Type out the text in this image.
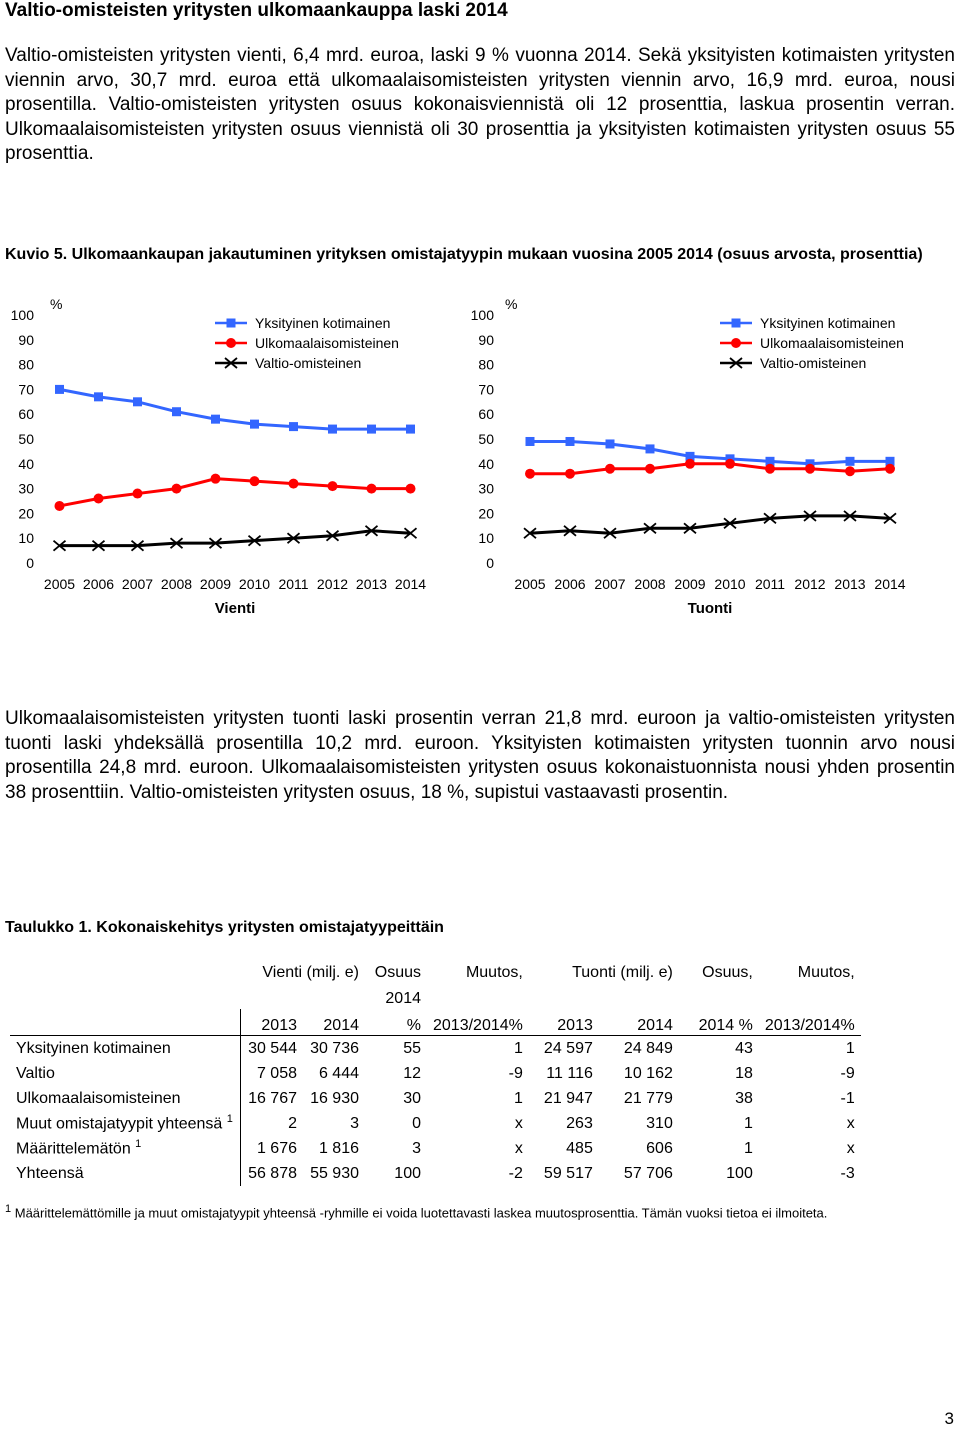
Valtio-omisteisten yritysten ulkomaankauppa laski 2014
Valtio-omisteisten yritysten vienti, 6,4 mrd. euroa, laski 9 % vuonna 2014. Sekä yksityisten kotimaisten yritysten viennin arvo, 30,7 mrd. euroa että ulkomaalaisomisteisten yritysten viennin arvo, 16,9 mrd. euroa, nousi prosentilla. Valtio-omisteisten yritysten osuus kokonaisviennistä oli 12 prosenttia, laskua prosentin verran. Ulkomaalaisomisteisten yritysten osuus viennistä oli 30 prosenttia ja yksityisten kotimaisten yritysten osuus 55 prosenttia.
Kuvio 5. Ulkomaankaupan jakautuminen yrityksen omistajatyypin mukaan vuosina 2005 2014 (osuus arvosta, prosenttia)
0
10
20
30
40
50
60
70
80
90
100
%
2005 2006 2007 2008 2009 2010 2011 2012 2013 2014
Vienti
Yksityinen kotimainen
Ulkomaalaisomisteinen
Valtio-omisteinen
0
10
20
30
40
50
60
70
80
90
100
%
2005 2006 2007 2008 2009 2010 2011 2012 2013 2014
Tuonti
Yksityinen kotimainen
Ulkomaalaisomisteinen
Valtio-omisteinen
Ulkomaalaisomisteisten yritysten tuonti laski prosentin verran 21,8 mrd. euroon ja valtio-omisteisten yritysten tuonti laski yhdeksällä prosentilla 10,2 mrd. euroon. Yksityisten kotimaisten yritysten tuonnin arvo nousi prosentilla 24,8 mrd. euroon. Ulkomaalaisomisteisten yritysten osuus kokonaistuonnista nousi yhden prosentin 38 prosenttiin. Valtio-omisteisten yritysten osuus, 18 %, supistui vastaavasti prosentin.
Taulukko 1. Kokonaiskehitys yritysten omistajatyypeittäin
	Vienti (milj. e)		Osuus	Muutos,	Tuonti (milj. e)		Osuus,	Muutos,
			2014					
	2013	2014	%	2013/2014%	2013	2014	2014 %	2013/2014%
Yksityinen kotimainen	30 544	30 736	55	1	24 597	24 849	43	1
Valtio	7 058	6 444	12	-9	11 116	10 162	18	-9
Ulkomaalaisomisteinen	16 767	16 930	30	1	21 947	21 779	38	-1
Muut omistajatyypit yhteensä $^1$	2	3	0	x	263	310	1	x
Määrittelemätön $^1$	1 676	1 816	3	x	485	606	1	x
Yhteensä	56 878	55 930	100	-2	59 517	57 706	100	-3
$^1$ Määrittelemättömille ja muut omistajatyypit yhteensä -ryhmille ei voida luotettavasti laskea muutosprosenttia. Tämän vuoksi tietoa ei ilmoiteta.
3
